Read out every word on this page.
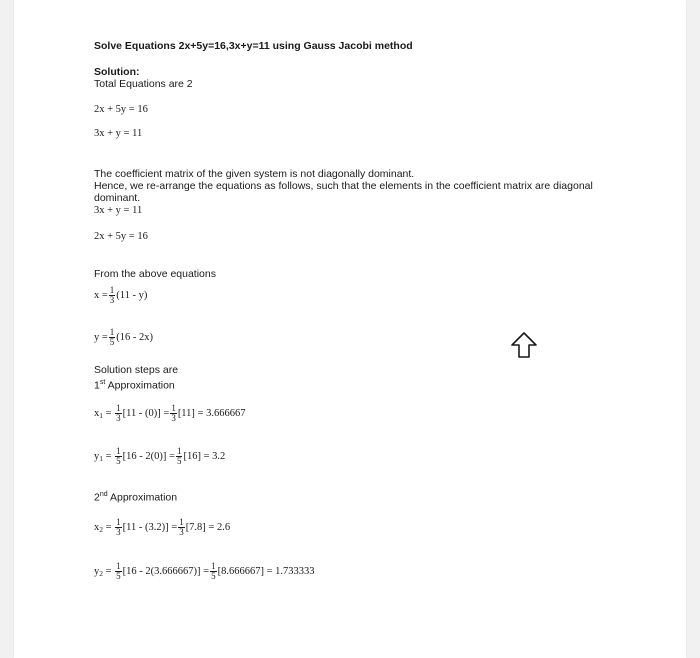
Solve Equations 2x+5y=16,3x+y=11 using Gauss Jacobi method
Solution:
Total Equations are 2
2x + 5y = 16
3x + y = 11
The coefficient matrix of the given system is not diagonally dominant.
Hence, we re-arrange the equations as follows, such that the elements in the coefficient matrix are diagonal
dominant.
3x + y = 11
2x + 5y = 16
From the above equations
$x = \frac{1}{3} (11 - y)$
$y = \frac{1}{5} (16 - 2x)$
Solution steps are
1st Approximation
$x_1 = \frac{1}{3} [11 - (0)] = \frac{1}{3} [11] = 3.666667$
$y_1 = \frac{1}{5} [16 - 2(0)] = \frac{1}{5} [16] = 3.2$
2nd Approximation
$x_2 = \frac{1}{3} [11 - (3.2)] = \frac{1}{3} [7.8] = 2.6$
$y_2 = \frac{1}{5} [16 - 2(3.666667)] = \frac{1}{5} [8.666667] = 1.733333$
